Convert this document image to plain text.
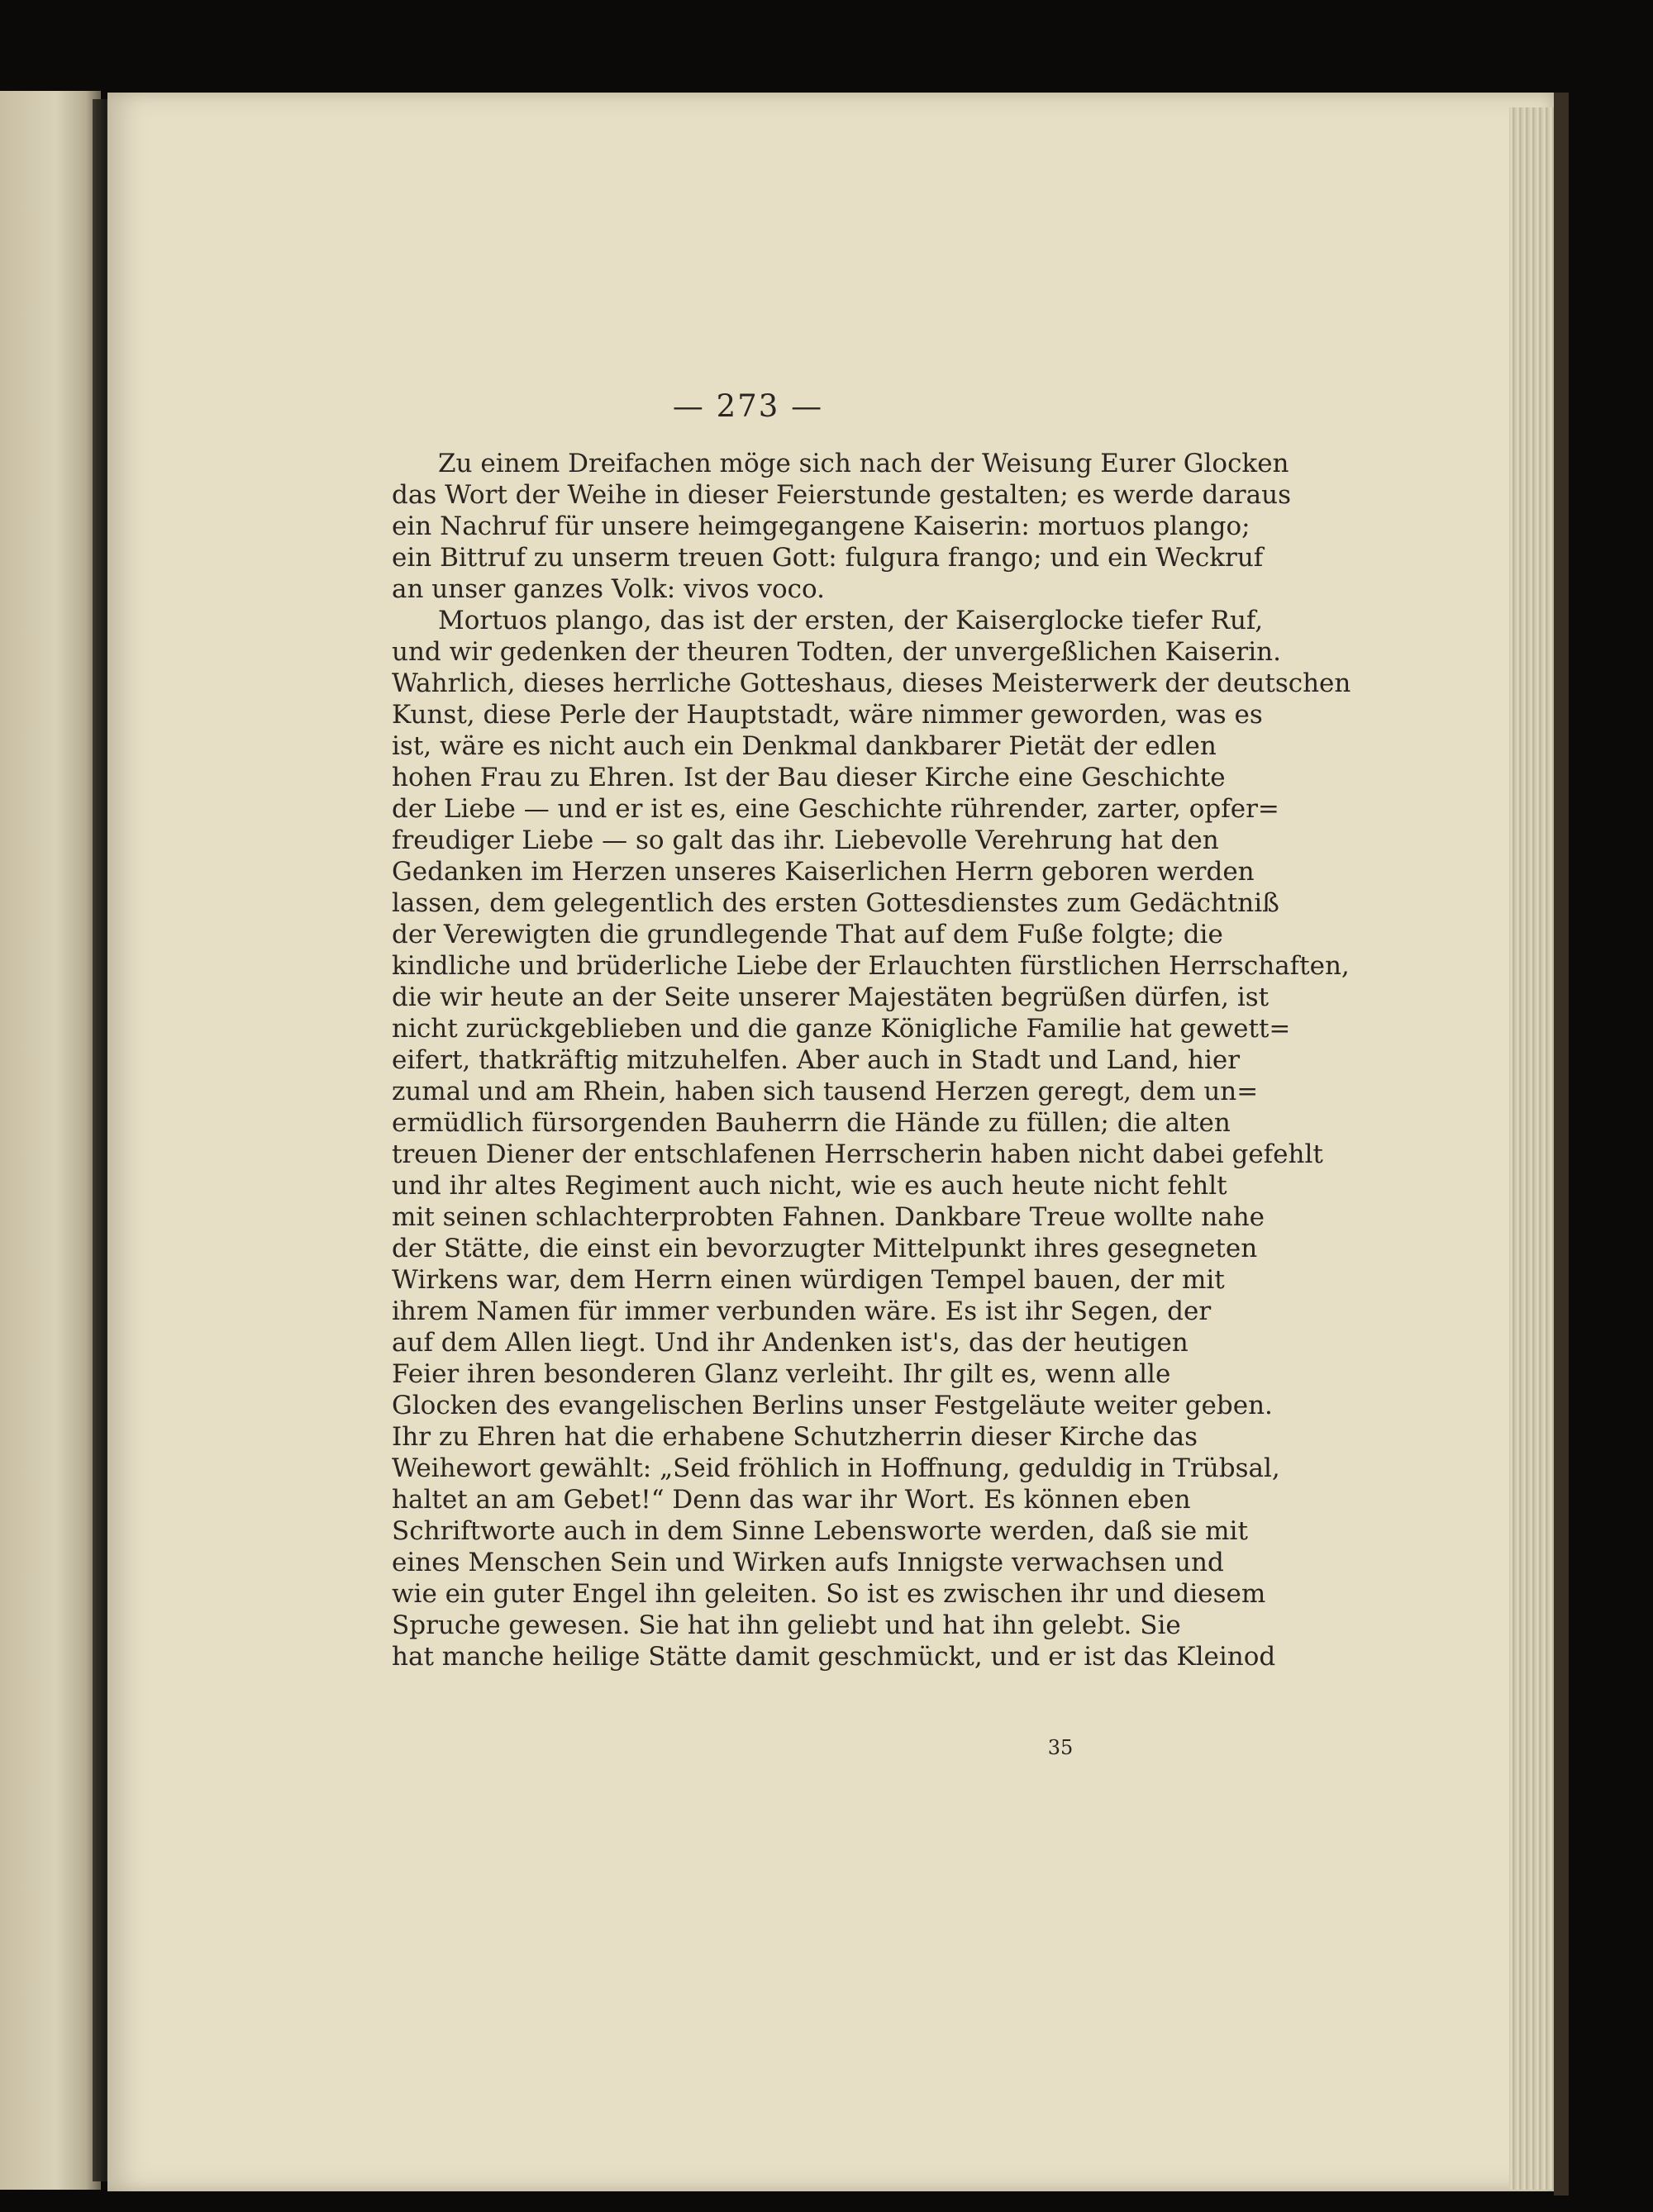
— 273 —
Zu einem Dreifachen möge sich nach der Weisung Eurer Glocken
das Wort der Weihe in dieser Feierstunde gestalten; es werde daraus
ein Nachruf für unsere heimgegangene Kaiserin: mortuos plango;
ein Bittruf zu unserm treuen Gott: fulgura frango; und ein Weckruf
an unser ganzes Volk: vivos voco.
Mortuos plango, das ist der ersten, der Kaiserglocke tiefer Ruf,
und wir gedenken der theuren Todten, der unvergeßlichen Kaiserin.
Wahrlich, dieses herrliche Gotteshaus, dieses Meisterwerk der deutschen
Kunst, diese Perle der Hauptstadt, wäre nimmer geworden, was es
ist, wäre es nicht auch ein Denkmal dankbarer Pietät der edlen
hohen Frau zu Ehren. Ist der Bau dieser Kirche eine Geschichte
der Liebe — und er ist es, eine Geschichte rührender, zarter, opfer=
freudiger Liebe — so galt das ihr. Liebevolle Verehrung hat den
Gedanken im Herzen unseres Kaiserlichen Herrn geboren werden
lassen, dem gelegentlich des ersten Gottesdienstes zum Gedächtniß
der Verewigten die grundlegende That auf dem Fuße folgte; die
kindliche und brüderliche Liebe der Erlauchten fürstlichen Herrschaften,
die wir heute an der Seite unserer Majestäten begrüßen dürfen, ist
nicht zurückgeblieben und die ganze Königliche Familie hat gewett=
eifert, thatkräftig mitzuhelfen. Aber auch in Stadt und Land, hier
zumal und am Rhein, haben sich tausend Herzen geregt, dem un=
ermüdlich fürsorgenden Bauherrn die Hände zu füllen; die alten
treuen Diener der entschlafenen Herrscherin haben nicht dabei gefehlt
und ihr altes Regiment auch nicht, wie es auch heute nicht fehlt
mit seinen schlachterprobten Fahnen. Dankbare Treue wollte nahe
der Stätte, die einst ein bevorzugter Mittelpunkt ihres gesegneten
Wirkens war, dem Herrn einen würdigen Tempel bauen, der mit
ihrem Namen für immer verbunden wäre. Es ist ihr Segen, der
auf dem Allen liegt. Und ihr Andenken ist's, das der heutigen
Feier ihren besonderen Glanz verleiht. Ihr gilt es, wenn alle
Glocken des evangelischen Berlins unser Festgeläute weiter geben.
Ihr zu Ehren hat die erhabene Schutzherrin dieser Kirche das
Weihewort gewählt: „Seid fröhlich in Hoffnung, geduldig in Trübsal,
haltet an am Gebet!“ Denn das war ihr Wort. Es können eben
Schriftworte auch in dem Sinne Lebensworte werden, daß sie mit
eines Menschen Sein und Wirken aufs Innigste verwachsen und
wie ein guter Engel ihn geleiten. So ist es zwischen ihr und diesem
Spruche gewesen. Sie hat ihn geliebt und hat ihn gelebt. Sie
hat manche heilige Stätte damit geschmückt, und er ist das Kleinod
35
